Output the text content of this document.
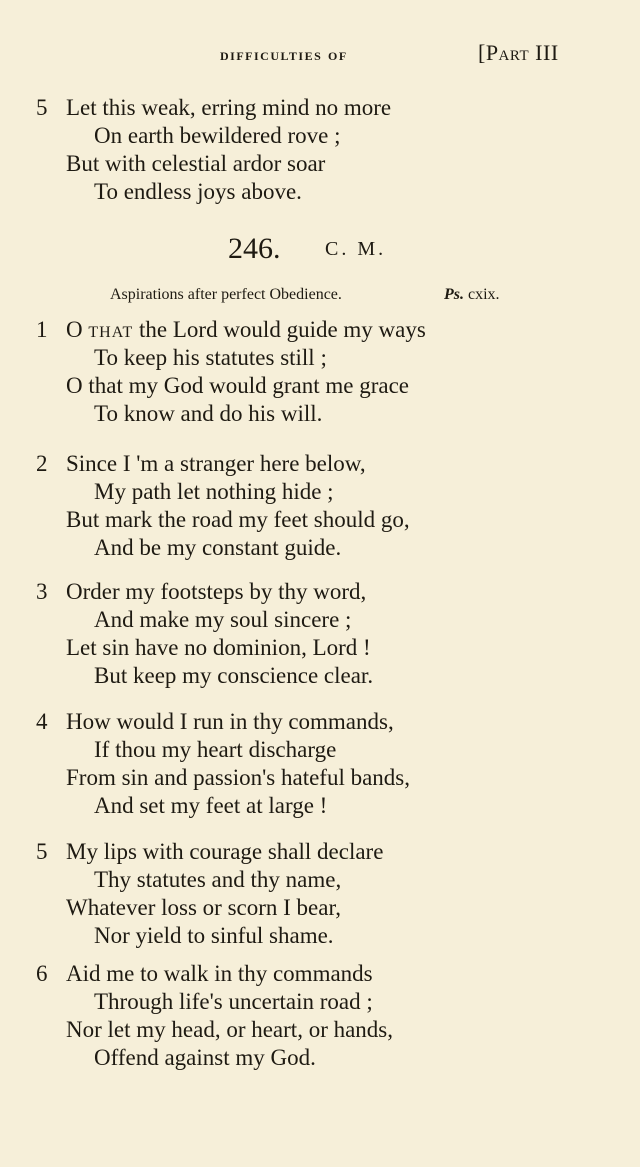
difficulties of	[Part III
5 Let this weak, erring mind no more
On earth bewildered rove ;
But with celestial ardor soar
To endless joys above.
246. C. M.
Aspirations after perfect Obedience.	Ps. cxix.
1 O that the Lord would guide my ways
To keep his statutes still ;
O that my God would grant me grace
To know and do his will.
2 Since I 'm a stranger here below,
My path let nothing hide ;
But mark the road my feet should go,
And be my constant guide.
3 Order my footsteps by thy word,
And make my soul sincere ;
Let sin have no dominion, Lord !
But keep my conscience clear.
4 How would I run in thy commands,
If thou my heart discharge
From sin and passion's hateful bands,
And set my feet at large !
5 My lips with courage shall declare
Thy statutes and thy name,
Whatever loss or scorn I bear,
Nor yield to sinful shame.
6 Aid me to walk in thy commands
Through life's uncertain road ;
Nor let my head, or heart, or hands,
Offend against my God.
